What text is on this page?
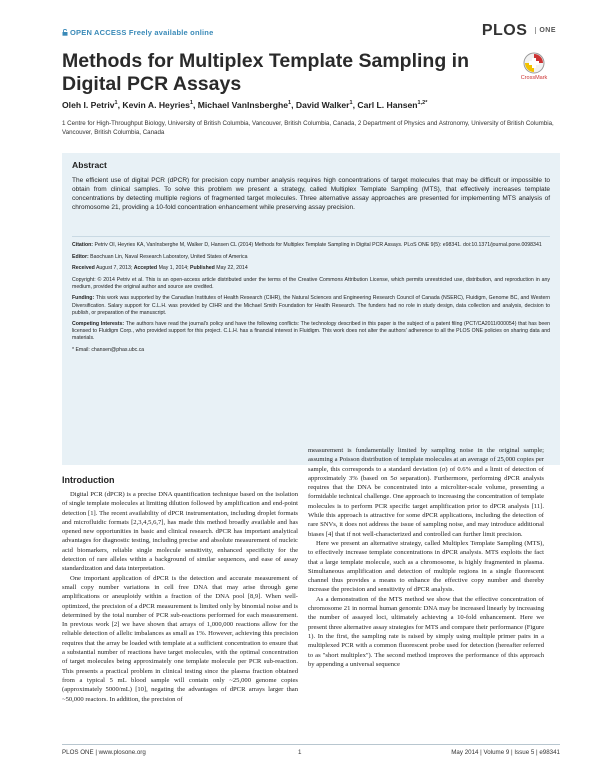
OPEN ACCESS Freely available online	PLOS ONE
Methods for Multiplex Template Sampling in Digital PCR Assays	CrossMark
Oleh I. Petriv$^1$, Kevin A. Heyries$^1$, Michael VanInsberghe$^1$, David Walker$^1$, Carl L. Hansen$^{1,2*}$
1 Centre for High-Throughput Biology, University of British Columbia, Vancouver, British Columbia, Canada, 2 Department of Physics and Astronomy, University of British Columbia, Vancouver, British Columbia, Canada
Abstract

The efficient use of digital PCR (dPCR) for precision copy number analysis requires high concentrations of target molecules that may be difficult or impossible to obtain from clinical samples. To solve this problem we present a strategy, called Multiplex Template Sampling (MTS), that effectively increases template concentrations by detecting multiple regions of fragmented target molecules. Three alternative assay approaches are presented for implementing MTS analysis of chromosome 21, providing a 10-fold concentration enhancement while preserving assay precision.

Citation: Petriv OI, Heyries KA, VanInsberghe M, Walker D, Hansen CL (2014) Methods for Multiplex Template Sampling in Digital PCR Assays. PLoS ONE 9(5): e98341. doi:10.1371/journal.pone.0098341

Editor: Baochuan Lin, Naval Research Laboratory, United States of America

Received August 7, 2013; Accepted May 1, 2014; Published May 22, 2014

Copyright: © 2014 Petriv et al. This is an open-access article distributed under the terms of the Creative Commons Attribution License, which permits unrestricted use, distribution, and reproduction in any medium, provided the original author and source are credited.

Funding: This work was supported by the Canadian Institutes of Health Research (CIHR), the Natural Sciences and Engineering Research Council of Canada (NSERC), Fluidigm, Genome BC, and Western Diversification. Salary support for C.L.H. was provided by CIHR and the Michael Smith Foundation for Health Research. The funders had no role in study design, data collection and analysis, decision to publish, or preparation of the manuscript.

Competing Interests: The authors have read the journal's policy and have the following conflicts: The technology described in this paper is the subject of a patent filing (PCT/CA2011/000054) that has been licensed to Fluidigm Corp., who provided support for this project. C.L.H. has a financial interest in Fluidigm. This work does not alter the authors' adherence to all the PLOS ONE policies on sharing data and materials.

* Email: chansen@phas.ubc.ca

Introduction

Digital PCR (dPCR) is a precise DNA quantification technique based on the isolation of single template molecules at limiting dilution followed by amplification and end-point detection [1]. The recent availability of dPCR instrumentation, including droplet formats and microfluidic formats [2,3,4,5,6,7], has made this method broadly available and has opened new opportunities in basic and clinical research. dPCR has important analytical advantages for diagnostic testing, including precise and absolute measurement of nucleic acid biomarkers, reliable single molecule sensitivity, enhanced specificity for the detection of rare alleles within a background of similar sequences, and ease of assay standardization and data interpretation.

One important application of dPCR is the detection and accurate measurement of small copy number variations in cell free DNA that may arise through gene amplifications or aneuploidy within a fraction of the DNA pool [8,9]. When well-optimized, the precision of a dPCR measurement is limited only by binomial noise and is determined by the total number of PCR sub-reactions performed for each measurement. In previous work [2] we have shown that arrays of 1,000,000 reactions allow for the reliable detection of allelic imbalances as small as 1%. However, achieving this precision requires that the array be loaded with template at a sufficient concentration to ensure that a substantial number of reactions have target molecules, with the optimal concentration of target molecules being approximately one template molecule per PCR sub-reaction. This presents a practical problem in clinical testing since the plasma fraction obtained from a typical 5 mL blood sample will contain only ~25,000 genome copies (approximately 5000/mL) [10], negating the advantages of dPCR arrays larger than ~50,000 reactors. In addition, the precision of

measurement is fundamentally limited by sampling noise in the original sample; assuming a Poisson distribution of template molecules at an average of 25,000 copies per sample, this corresponds to a standard deviation (σ) of 0.6% and a limit of detection of approximately 3% (based on 5σ separation). Furthermore, performing dPCR analysis requires that the DNA be concentrated into a microliter-scale volume, presenting a formidable technical challenge. One approach to increasing the concentration of template molecules is to perform PCR specific target amplification prior to dPCR analysis [11]. While this approach is attractive for some dPCR applications, including the detection of rare SNVs, it does not address the issue of sampling noise, and may introduce additional biases [4] that if not well-characterized and controlled can further limit precision.

Here we present an alternative strategy, called Multiplex Template Sampling (MTS), to effectively increase template concentrations in dPCR analysis. MTS exploits the fact that a large template molecule, such as a chromosome, is highly fragmented in plasma. Simultaneous amplification and detection of multiple regions in a single fluorescent channel thus provides a means to enhance the effective copy number and thereby increase the precision and sensitivity of dPCR analysis.

As a demonstration of the MTS method we show that the effective concentration of chromosome 21 in normal human genomic DNA may be increased linearly by increasing the number of assayed loci, ultimately achieving a 10-fold enhancement. Here we present three alternative assay strategies for MTS and compare their performance (Figure 1). In the first, the sampling rate is raised by simply using multiple primer pairs in a multiplexed PCR with a common fluorescent probe used for detection (hereafter referred to as "short multiplex"). The second method improves the performance of this approach by appending a universal sequence

PLOS ONE | www.plosone.org	1	May 2014 | Volume 9 | Issue 5 | e98341
